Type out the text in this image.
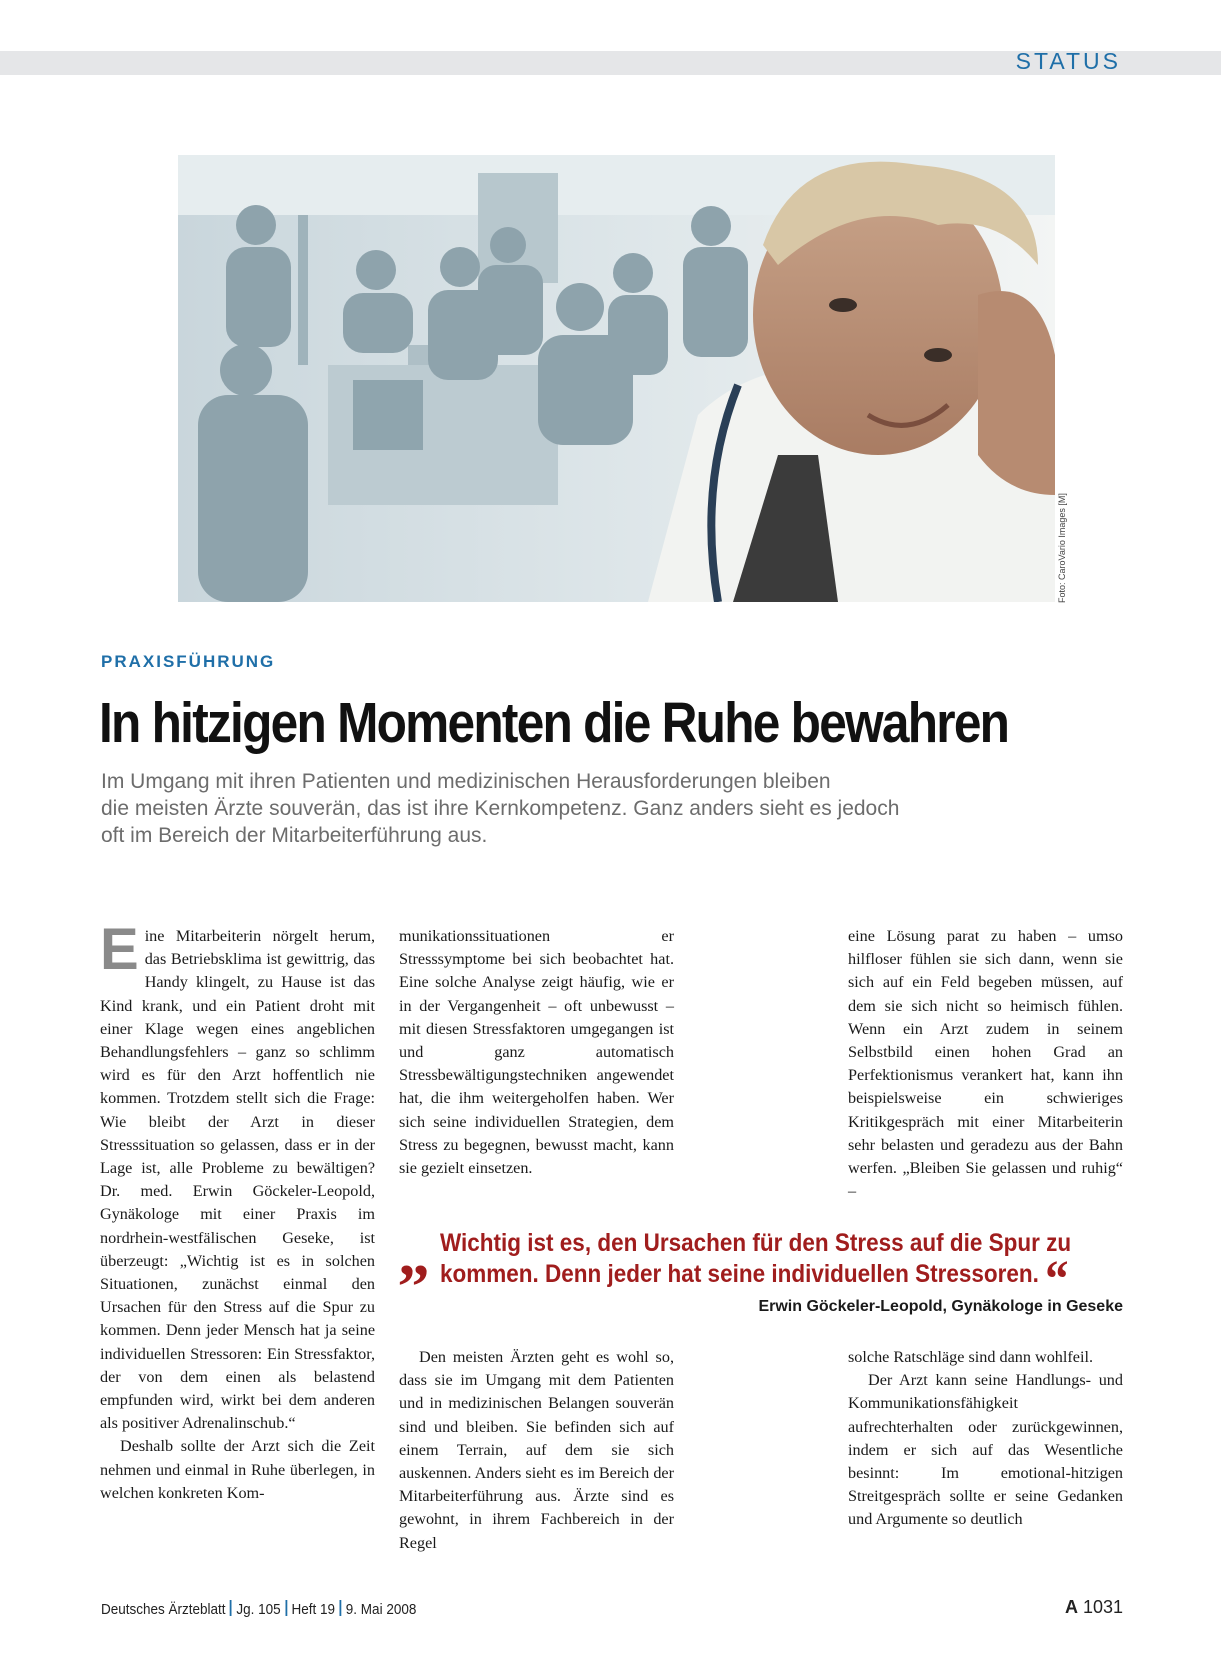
STATUS
Foto: CaroVario Images [M]
PRAXISFÜHRUNG
In hitzigen Momenten die Ruhe bewahren
Im Umgang mit ihren Patienten und medizinischen Herausforderungen bleiben
die meisten Ärzte souverän, das ist ihre Kernkompetenz. Ganz anders sieht es jedoch
oft im Bereich der Mitarbeiterführung aus.

Eine Mitarbeiterin nörgelt herum, das Betriebsklima ist gewittrig, das Handy klingelt, zu Hause ist das Kind krank, und ein Patient droht mit einer Klage wegen eines angeblichen Behandlungsfehlers – ganz so schlimm wird es für den Arzt hoffentlich nie kommen. Trotzdem stellt sich die Frage: Wie bleibt der Arzt in dieser Stresssituation so gelassen, dass er in der Lage ist, alle Probleme zu bewältigen? Dr. med. Erwin Göckeler-Leopold, Gynäkologe mit einer Praxis im nordrhein-westfälischen Geseke, ist überzeugt: „Wichtig ist es in solchen Situationen, zunächst einmal den Ursachen für den Stress auf die Spur zu kommen. Denn jeder Mensch hat ja seine individuellen Stressoren: Ein Stressfaktor, der von dem einen als belastend empfunden wird, wirkt bei dem anderen als positiver Adrenalinschub.“

Deshalb sollte der Arzt sich die Zeit nehmen und einmal in Ruhe überlegen, in welchen konkreten Kom-

munikationssituationen er Stresssymptome bei sich beobachtet hat. Eine solche Analyse zeigt häufig, wie er in der Vergangenheit – oft unbewusst – mit diesen Stressfaktoren umgegangen ist und ganz automatisch Stressbewältigungstechniken angewendet hat, die ihm weitergeholfen haben. Wer sich seine individuellen Strategien, dem Stress zu begegnen, bewusst macht, kann sie gezielt einsetzen.

eine Lösung parat zu haben – umso hilfloser fühlen sie sich dann, wenn sie sich auf ein Feld begeben müssen, auf dem sie sich nicht so heimisch fühlen. Wenn ein Arzt zudem in seinem Selbstbild einen hohen Grad an Perfektionismus verankert hat, kann ihn beispielsweise ein schwieriges Kritikgespräch mit einer Mitarbeiterin sehr belasten und geradezu aus der Bahn werfen. „Bleiben Sie gelassen und ruhig“ –

„ Wichtig ist es, den Ursachen für den Stress auf die Spur zu kommen. Denn jeder hat seine individuellen Stressoren. “
Erwin Göckeler-Leopold, Gynäkologe in Geseke

Den meisten Ärzten geht es wohl so, dass sie im Umgang mit dem Patienten und in medizinischen Belangen souverän sind und bleiben. Sie befinden sich auf einem Terrain, auf dem sie sich auskennen. Anders sieht es im Bereich der Mitarbeiterführung aus. Ärzte sind es gewohnt, in ihrem Fachbereich in der Regel

solche Ratschläge sind dann wohlfeil.

Der Arzt kann seine Handlungs- und Kommunikationsfähigkeit aufrechterhalten oder zurückgewinnen, indem er sich auf das Wesentliche besinnt: Im emotional-hitzigen Streitgespräch sollte er seine Gedanken und Argumente so deutlich

Deutsches Ärzteblatt Jg. 105 Heft 19 9. Mai 2008	A 1031
